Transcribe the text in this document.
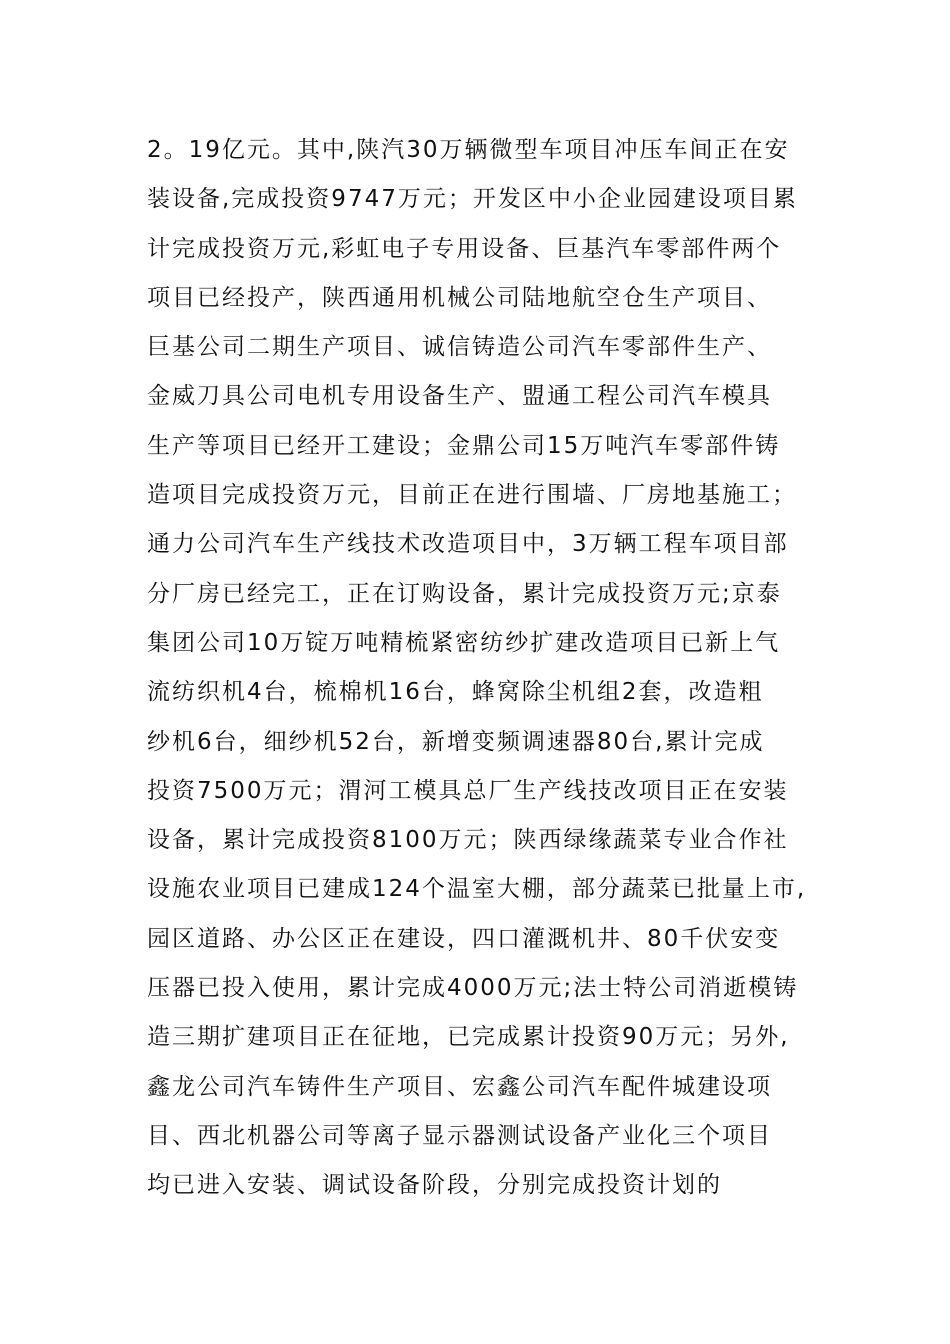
2。19亿元。其中,陕汽30万辆微型车项目冲压车间正在安
装设备,完成投资9747万元；开发区中小企业园建设项目累
计完成投资万元,彩虹电子专用设备、巨基汽车零部件两个
项目已经投产，陕西通用机械公司陆地航空仓生产项目、
巨基公司二期生产项目、诚信铸造公司汽车零部件生产、
金威刀具公司电机专用设备生产、盟通工程公司汽车模具
生产等项目已经开工建设；金鼎公司15万吨汽车零部件铸
造项目完成投资万元，目前正在进行围墙、厂房地基施工；
通力公司汽车生产线技术改造项目中，3万辆工程车项目部
分厂房已经完工，正在订购设备，累计完成投资万元;京泰
集团公司10万锭万吨精梳紧密纺纱扩建改造项目已新上气
流纺织机4台，梳棉机16台，蜂窝除尘机组2套，改造粗
纱机6台，细纱机52台，新增变频调速器80台,累计完成
投资7500万元；渭河工模具总厂生产线技改项目正在安装
设备，累计完成投资8100万元；陕西绿缘蔬菜专业合作社
设施农业项目已建成124个温室大棚，部分蔬菜已批量上市,
园区道路、办公区正在建设，四口灌溉机井、80千伏安变
压器已投入使用，累计完成4000万元;法士特公司消逝模铸
造三期扩建项目正在征地，已完成累计投资90万元；另外,
鑫龙公司汽车铸件生产项目、宏鑫公司汽车配件城建设项
目、西北机器公司等离子显示器测试设备产业化三个项目
均已进入安装、调试设备阶段，分别完成投资计划的
